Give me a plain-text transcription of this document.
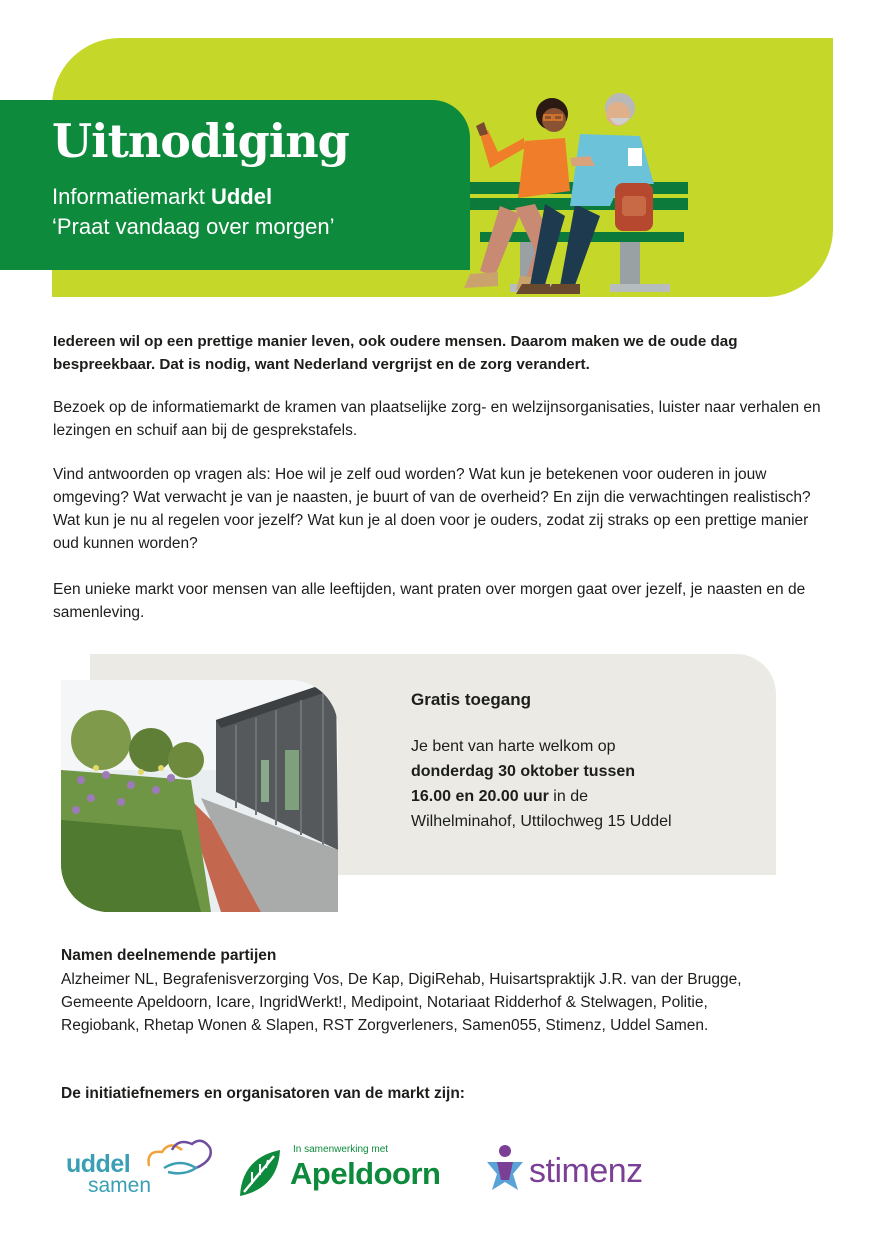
Uitnodiging
Informatiemarkt Uddel
‘Praat vandaag over morgen’
Iedereen wil op een prettige manier leven, ook oudere mensen. Daarom maken we de oude dag bespreekbaar. Dat is nodig, want Nederland vergrijst en de zorg verandert.
Bezoek op de informatiemarkt de kramen van plaatselijke zorg- en welzijnsorganisaties, luister naar verhalen en lezingen en schuif aan bij de gesprekstafels.
Vind antwoorden op vragen als: Hoe wil je zelf oud worden? Wat kun je betekenen voor ouderen in jouw omgeving? Wat verwacht je van je naasten, je buurt of van de overheid? En zijn die verwachtingen realistisch? Wat kun je nu al regelen voor jezelf? Wat kun je al doen voor je ouders, zodat zij straks op een prettige manier oud kunnen worden?
Een unieke markt voor mensen van alle leeftijden, want praten over morgen gaat over jezelf, je naasten en de samenleving.
Gratis toegang
Je bent van harte welkom op
donderdag 30 oktober tussen
16.00 en 20.00 uur in de
Wilhelminahof, Uttilochweg 15 Uddel
Namen deelnemende partijen
Alzheimer NL, Begrafenisverzorging Vos, De Kap, DigiRehab, Huisartspraktijk J.R. van der Brugge, Gemeente Apeldoorn, Icare, IngridWerkt!, Medipoint, Notariaat Ridderhof & Stelwagen, Politie, Regiobank, Rhetap Wonen & Slapen, RST Zorgverleners, Samen055, Stimenz, Uddel Samen.
De initiatiefnemers en organisatoren van de markt zijn:
uddel
samen
In samenwerking met
Apeldoorn	stimenz
